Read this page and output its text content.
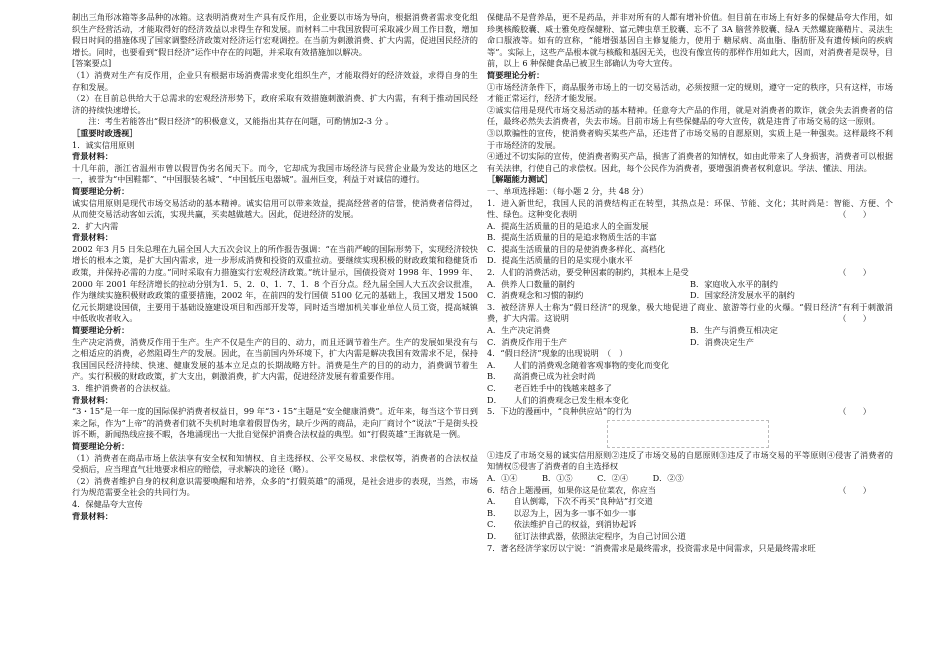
制出三角形冰箱等多品种的冰箱。这表明消费对生产具有反作用，企业要以市场为导向，根据消费者需求变化组织生产经营活动，才能取得好的经济效益以求得生存和发展。而材料二中我国放假可采取减少周工作日数，增加假日时间的措施体现了国家调整经济政策对经济运行宏观调控。在当前为刺激消费、扩大内需，促进国民经济的增长。同时，也要看到“假日经济”运作中存在的问题，并采取有效措施加以解决。

[答案要点]

（1）消费对生产有反作用，企业只有根据市场消费需求变化组织生产，才能取得好的经济效益，求得自身的生存和发展。

（2）在目前总供给大于总需求的宏观经济形势下，政府采取有效措施刺激消费、扩大内需，有利于推动国民经济的持续快速增长。

注：考生若能答出“假日经济”的积极意义，又能指出其存在问题，可酌情加2-3 分 。

［重要时政透视］

1．诚实信用原则

背景材料：

十几年前，浙江省温州市曾以假冒伪劣名闻天下。而今，它却成为我国市场经济与民营企业最为发达的地区之一，被誉为“中国鞋都”、“中国服装名城”、“中国低压电器城”。温州巨变，利益于对诚信的遵行。

简要理论分析：

诚实信用原则是现代市场交易活动的基本精神。诚实信用可以带来效益，提高经营者的信誉，使消费者信得过，从而使交易活动客如云流，实现共赢，买卖越做越大。因此，促进经济的发展。

2．扩大内需

背景材料：

2002 年3 月5 日朱总理在九届全国人大五次会议上的所作报告强调：“在当前严峻的国际形势下，实现经济较快增长的根本之策，是扩大国内需求，进一步形成消费和投资的双重拉动。要继续实现积极的财政政策和稳健货币政策，并保持必需的力度。”同时采取有力措施实行宏观经济政策。”统计显示，国债投资对 1998 年、1999 年、2000 年 2001 年经济增长的拉动分别为1．5、2．0、1．7、1．8 个百分点。经九届全国人大五次会议批准，作为继续实施积极财政政策的重要措施，2002 年，在前四的发行国债 5100 亿元的基础上，我国又增发 1500 亿元长期建设国债，主要用于基础设施建设项目和西部开发等，同时适当增加机关事业单位人员工资，提高城镇中低收收者收入。

简要理论分析：

生产决定消费，消费反作用于生产。生产不仅是生产的目的、动力，而且还调节着生产。生产的发展如果没有与之相适应的消费，必然阻碍生产的发展。因此，在当前国内外环境下，扩大内需是解决我国有效需求不足，保持我国国民经济持续、快速、健康发展的基本立足点的长期战略方针。消费是生产的目的的动力，消费调节着生产。实行积极的财政政策，扩大支出，刺激消费，扩大内需，促进经济发展有着重要作用。

3．维护消费者的合法权益。

背景材料：

“3・15”是一年一度的国际保护消费者权益日，99 年“3・15”主题是“安全健康消费”。近年来，每当这个节日到来之际，作为“上帝”的消费者们就不失机时地拿着假冒伪劣，缺斤少两的商品，走向厂商讨个“说法”于是街头投诉不断，新闻热线应接不暇，各地涌现出一大批自觉保护消费合法权益的典型。如“打假英雄”王海就是一例。

简要理论分析：

（1）消费者在商品市场上依法享有安全权和知情权、自主选择权、公平交易权、求偿权等，消费者的合法权益受损后，应当理直气壮地要求相应的赔偿，寻求解决的途径（略）。

（2）消费者维护自身的权利意识需要唤醒和培养，众多的“打假英雄”的涌现，是社会进步的表现，当然，市场行为规范需要全社会的共同行为。

4．保健品夸大宣传

背景材料：

保健品不是营养品，更不是药品，并非对所有的人都有增补价值。但目前在市场上有好多的保健品夸大作用，如珍奥核酸胶囊、威士雅免疫保健粉、富元牌虫草王胶囊、忘不了 3A 脑营养胶囊、绿A 天然螺旋藻精片、灵法生命口服液等。如有的宣称，“能增强基因自主修复能力，使用于 糖尿病、高血脂、脂肪肝及有遗传倾向的疾病等”。实际上，这些产品根本就与核酸和基因无关，也没有像宣传的那样作用如此大，因而，对消费者是误导，目前，以上 6 种保健食品已被卫生部确认为夸大宣传。

简要理论分析：

①市场经济条件下，商品服务市场上的一切交易活动，必须按照一定的规则，遵守一定的秩序，只有这样，市场才能正常运行，经济才能发展。

②诚实信用是现代市场交易活动的基本精神。任意夸大产品的作用，就是对消费者的欺诈，就会失去消费者的信任，最终必然失去消费者，失去市场。目前市场上有些保健品的夸大宣传，就是违背了市场交易的这一原则。

③以欺骗性的宣传，使消费者购买某些产品，还违背了市场交易的自愿原则，实质上是一种强卖。这样最终不利于市场经济的发展。

④通过不切实际的宣传，使消费者购买产品，损害了消费者的知情权，如由此带来了人身损害，消费者可以根据有关法律，行使自己的求偿权。因此，每个公民作为消费者，要增强消费者权利意识。学法、懂法、用法。

［解题能力测试］

一、单项选择题：（每小题 2 分，共 48 分）

1．进入新世纪，我国人民的消费结构正在转型，其热点是：环保、节能、文化；其时尚是：智能、方便、个性、绿色。这种变化表明	（　　）

A．提高生活质量的目的是追求人的全面发展

B．提高生活质量的目的是追求物质生活的丰富

C．提高生活质量的目的是使消费多样化、高档化

D．提高生活质量的目的是实现小康水平

2．人们的消费活动，要受种因素的制约，其根本上是受	（　　）

A．供养人口数量的制约	B．家庭收入水平的制约
C．消费观念和习惯的制约	D．国家经济发展水平的制约

3．被经济界人士称为“假日经济”的现象，极大地促进了商业、旅游等行业的火爆。“假日经济”有利于刺激消费，扩大内需。这说明	（　　）

A．生产决定消费	B．生产与消费互相决定
C．消费反作用于生产	D．消费决定生产

4．“假日经济”现象的出现说明　（　）

A．　　人们的消费观念随着客观事物的变化而变化

B．　　高消费已成为社会时尚

C．　　老百姓手中的钱越来越多了

D．　　人们的消费观念已发生根本变化

5．下边的漫画中，“良种供应站”的行为	（　　）

①违反了市场交易的诚实信用原则②违反了市场交易的自愿原则③违反了市场交易的平等原则④侵害了消费者的知情权⑤侵害了消费者的自主选择权

A．①④　　　B．①⑤　　　C．②④　　　D．②③

6．结合上题漫画，如果你这是位菜农，你应当	（　　）

A．　　自认倒霉，下次不再买“良种站”打交道

B．　　以忍为上，因为多一事不如少一事

C．　　依法维护自己的权益，到消协起诉

D．　　征订法律武器，依照法定程序，为自己讨回公道

7．著名经济学家厉以宁说：“消费需求是最终需求，投资需求是中间需求，只是最终需求旺
